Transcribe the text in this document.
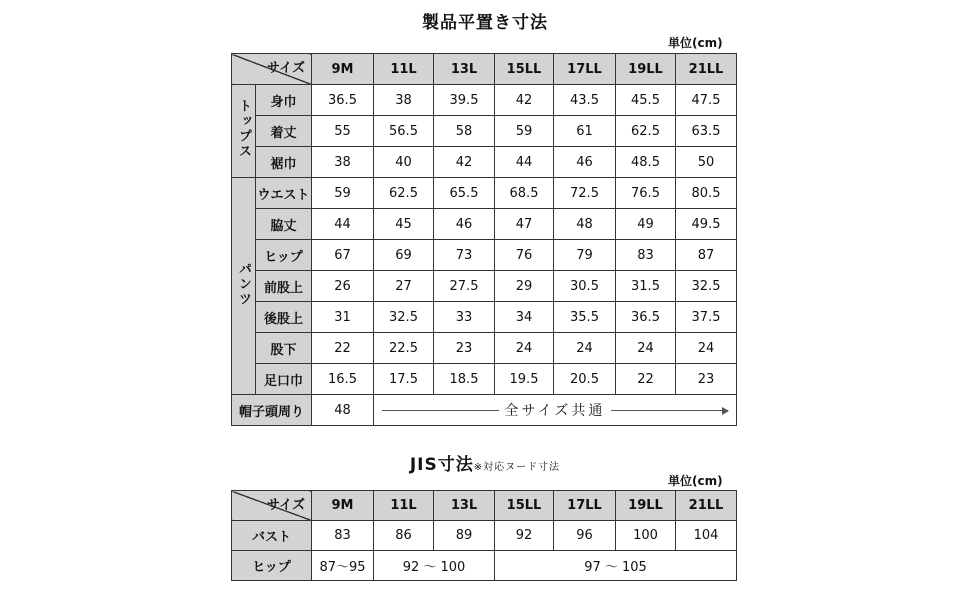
製品平置き寸法
単位(cm)
サイズ		9M	11L	13L	15LL	17LL	19LL	21LL
トップス	身巾	36.5	38	39.5	42	43.5	45.5	47.5
	着丈	55	56.5	58	59	61	62.5	63.5
	裾巾	38	40	42	44	46	48.5	50
パンツ	ウエスト	59	62.5	65.5	68.5	72.5	76.5	80.5
	脇丈	44	45	46	47	48	49	49.5
	ヒップ	67	69	73	76	79	83	87
	前股上	26	27	27.5	29	30.5	31.5	32.5
	後股上	31	32.5	33	34	35.5	36.5	37.5
	股下	22	22.5	23	24	24	24	24
	足口巾	16.5	17.5	18.5	19.5	20.5	22	23
帽子頭周り		48	全サイズ共通					
JIS寸法※対応ヌード寸法
単位(cm)
サイズ	9M	11L	13L	15LL	17LL	19LL	21LL
バスト	83	86	89	92	96	100	104
ヒップ	87〜95	92 〜 100		97 〜 105			
